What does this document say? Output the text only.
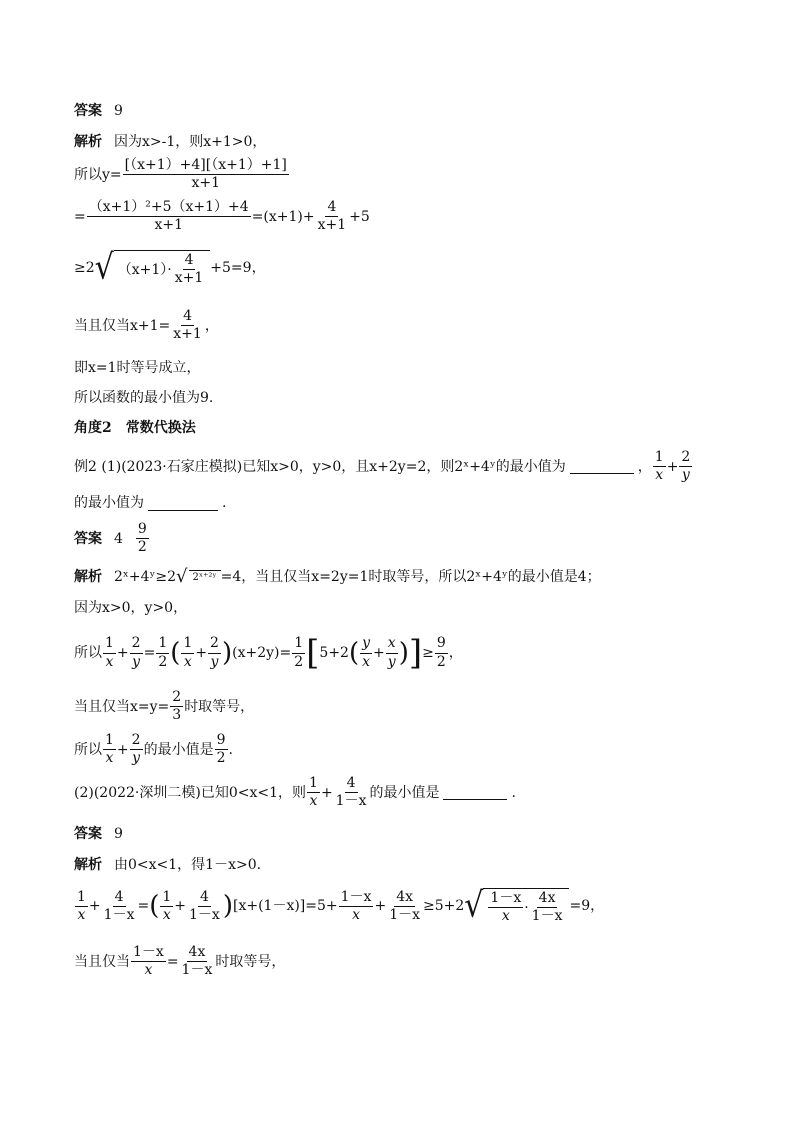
答案 9
解析 因为x>-1，则x+1>0，
所以$y= \frac{[(x+1)+4][(x+1)+1]}{x+1}$
= $\frac{\text{（x+1）²+5（x+1）+4}}{x+1} =(x+1)+ \frac{4}{x+1} +5$
≥2 √ $(x+1)\cdot \frac{4}{x+1} +5=9$，
当且仅当$x+1= \frac{4}{x+1}$ ，
即x=1时等号成立，
所以函数的最小值为9.
角度2　常数代换法
例2 (1)(2023·石家庄模拟)已知x>0，y>0，且x+2y=2，则2ˣ+4ʸ的最小值为	， $\frac{1}{x} + \frac{2}{y}$
的最小值为	.
答案 $4 \frac{9}{2}$
解析 2ˣ+4ʸ≥2 √ 2ˣ⁺²ʸ =4，当且仅当x=2y=1时取等号，所以2ˣ+4ʸ的最小值是4；
因为x>0，y>0，
所以 $\frac{1}{x} + \frac{2}{y} = \frac{1}{2}$ ( $\frac{1}{x} + \frac{2}{y}$ ) $(x+2y)= \frac{1}{2}$ [ 5+2 ( $\frac{y}{x} + \frac{x}{y}$ ) ] ≥ $\frac{9}{2}$ ，
当且仅当$x=y= \frac{2}{3}$ 时取等号，
所以 $\frac{1}{x} + \frac{2}{y}$ 的最小值是 $\frac{9}{2}$ .
(2)(2022·深圳二模)已知0<x<1，则 $\frac{1}{x} + \frac{4}{1-x}$ 的最小值是	.
答案 9
解析 由0<x<1，得1－x>0.
$\frac{1}{x} + \frac{4}{1-x}$ = ( $\frac{1}{x} + \frac{4}{1-x}$ ) $[x+(1-x)]=5+ \frac{1-x}{x} + \frac{4x}{1-x} \ge 5+2$ √ $\frac{1-x}{x} \cdot \frac{4x}{1-x} =9$，
当且仅当 $\frac{1-x}{x} = \frac{4x}{1-x}$ 时取等号，
